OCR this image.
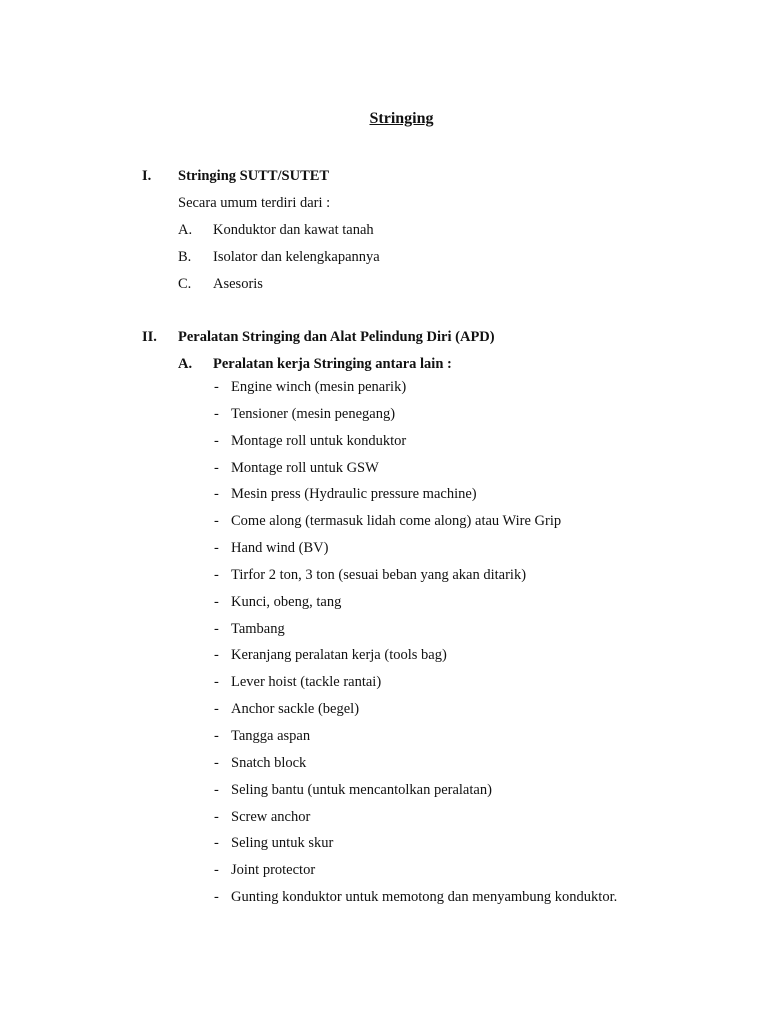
Stringing
I. Stringing SUTT/SUTET
Secara umum terdiri dari :
A. Konduktor dan kawat tanah
B. Isolator dan kelengkapannya
C. Asesoris
II. Peralatan Stringing dan Alat Pelindung Diri (APD)
A. Peralatan kerja Stringing antara lain :
- Engine winch (mesin penarik)
- Tensioner (mesin penegang)
- Montage roll untuk konduktor
- Montage roll untuk GSW
- Mesin press (Hydraulic pressure machine)
- Come along (termasuk lidah come along) atau Wire Grip
- Hand wind (BV)
- Tirfor 2 ton, 3 ton (sesuai beban yang akan ditarik)
- Kunci, obeng, tang
- Tambang
- Keranjang peralatan kerja (tools bag)
- Lever hoist (tackle rantai)
- Anchor sackle (begel)
- Tangga aspan
- Snatch block
- Seling bantu (untuk mencantolkan peralatan)
- Screw anchor
- Seling untuk skur
- Joint protector
- Gunting konduktor untuk memotong dan menyambung konduktor.
